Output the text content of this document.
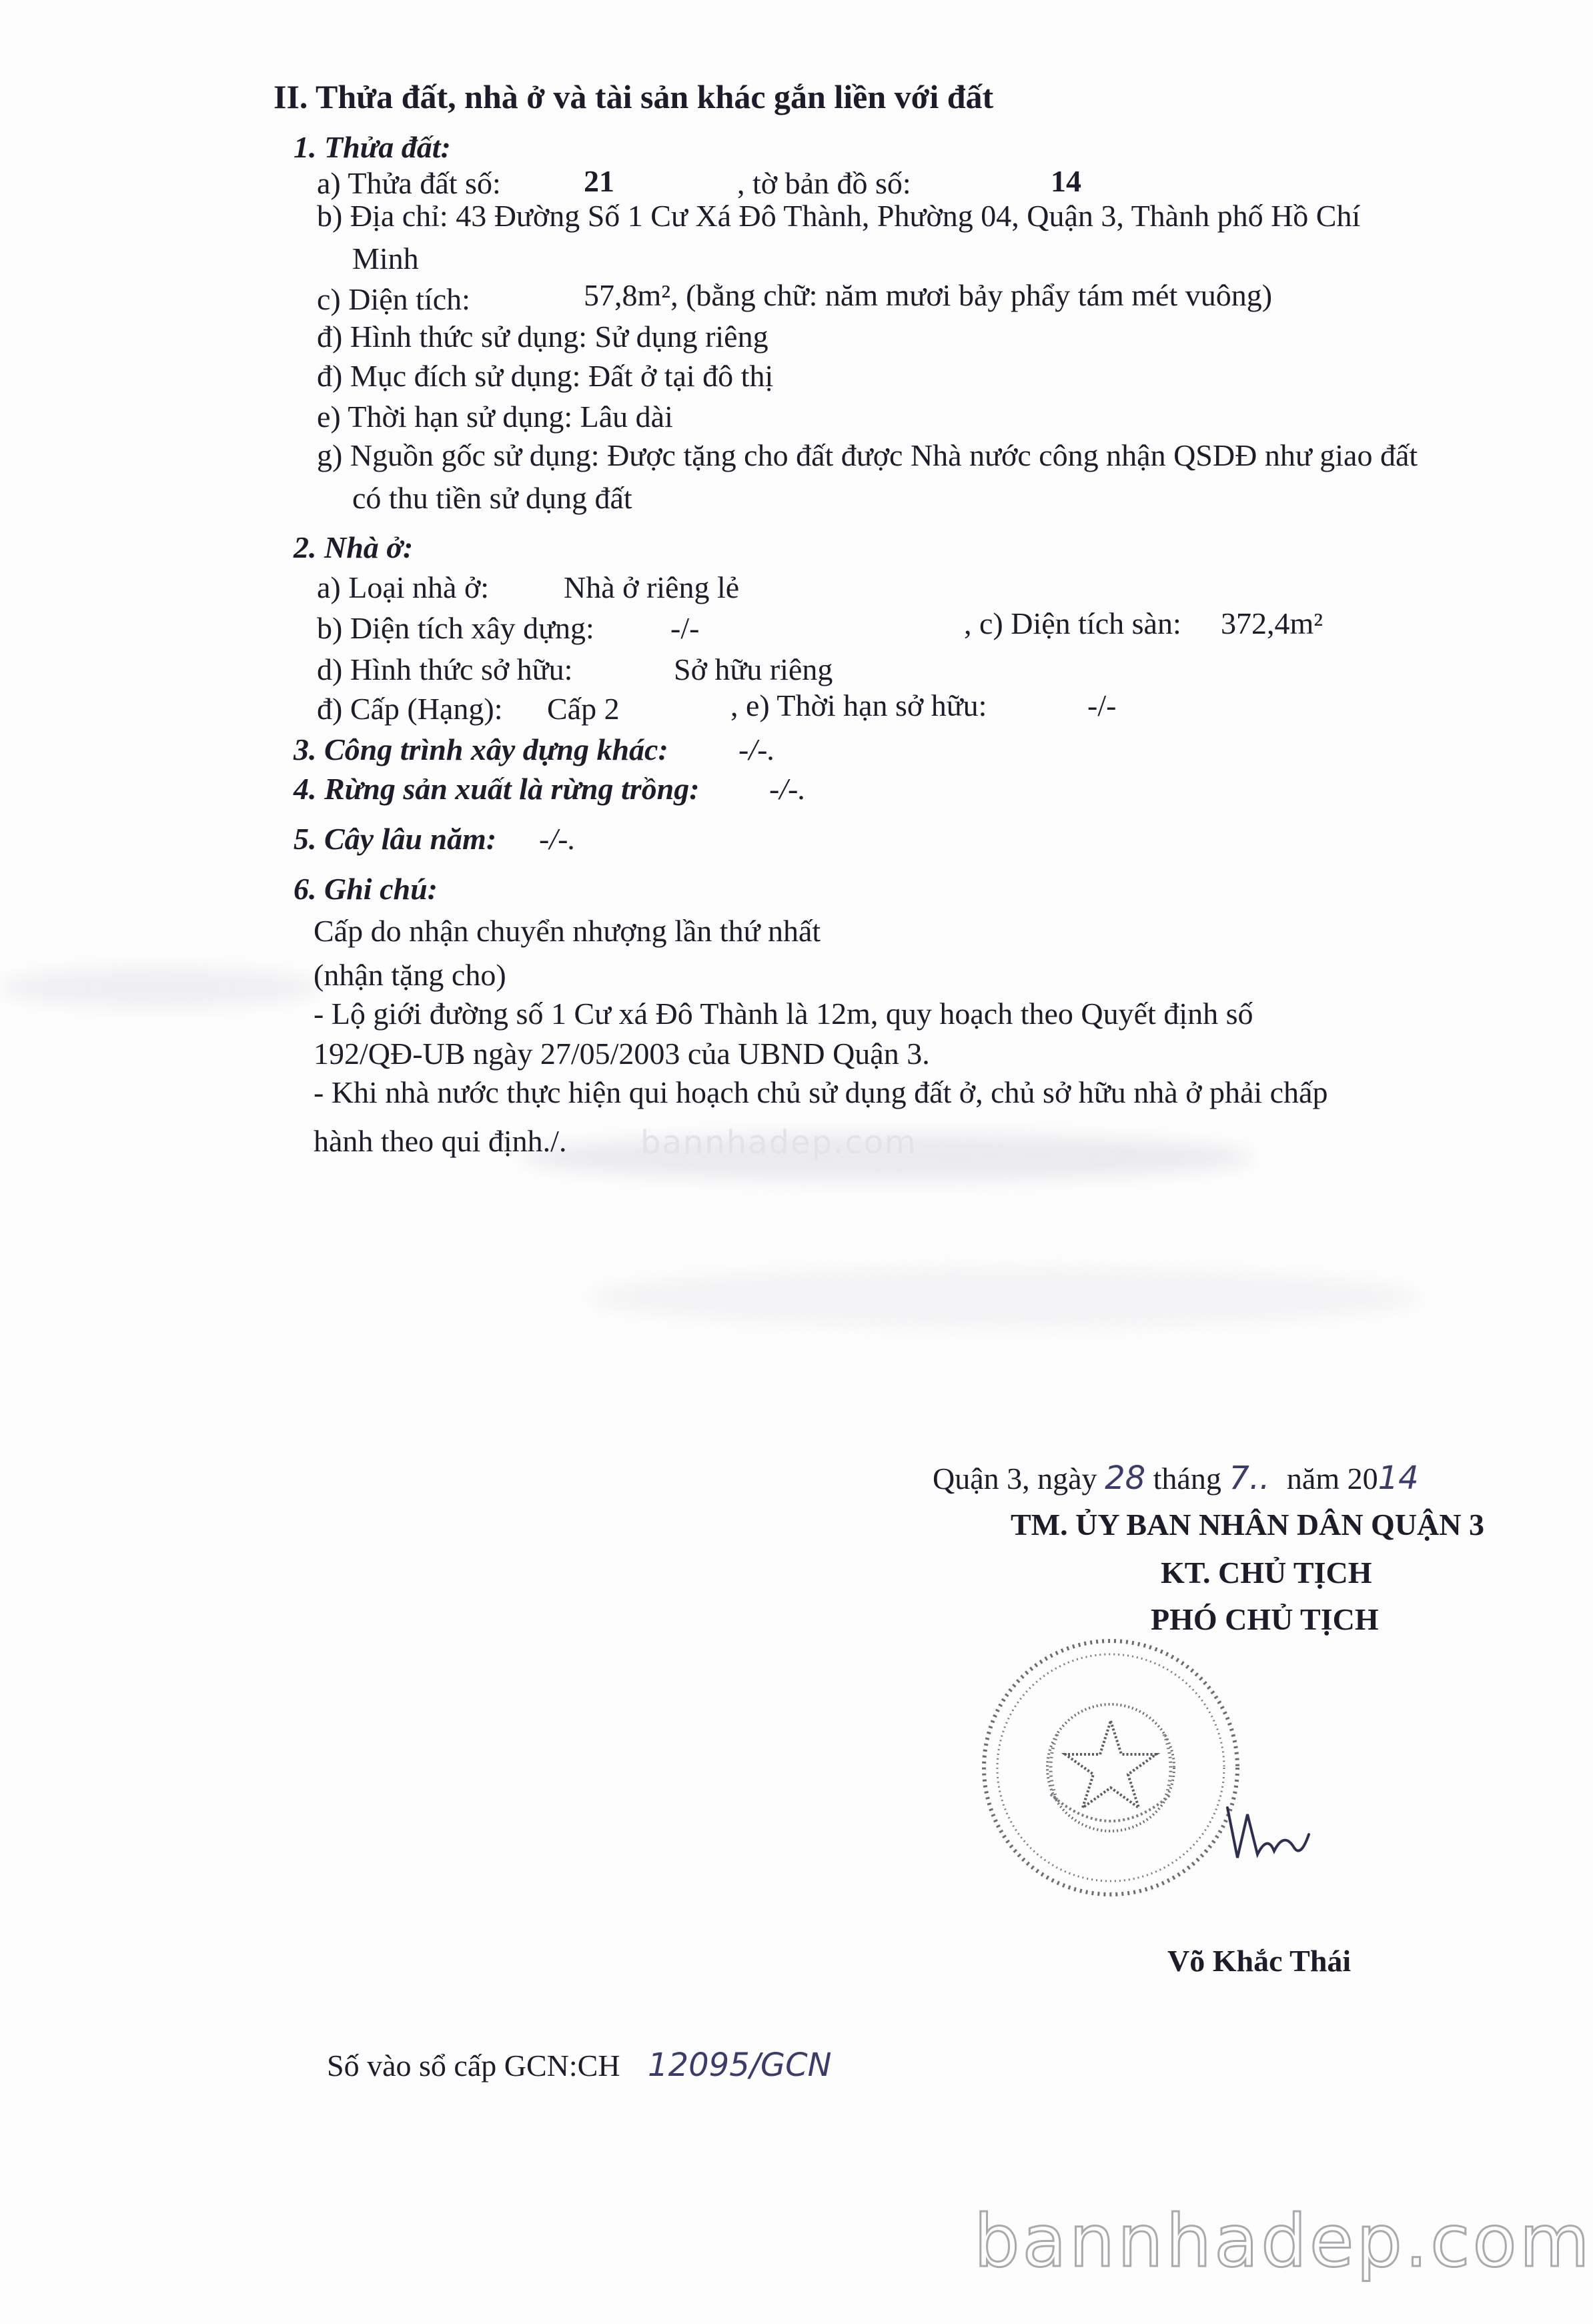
bannhadep.com
II. Thửa đất, nhà ở và tài sản khác gắn liền với đất
1. Thửa đất:
a) Thửa đất số:	21	, tờ bản đồ số:	14
b) Địa chỉ: 43 Đường Số 1 Cư Xá Đô Thành, Phường 04, Quận 3, Thành phố Hồ Chí
Minh
c) Diện tích:	57,8m², (bằng chữ: năm mươi bảy phẩy tám mét vuông)
đ) Hình thức sử dụng: Sử dụng riêng
đ) Mục đích sử dụng: Đất ở tại đô thị
e) Thời hạn sử dụng: Lâu dài
g) Nguồn gốc sử dụng: Được tặng cho đất được Nhà nước công nhận QSDĐ như giao đất
có thu tiền sử dụng đất
2. Nhà ở:
a) Loại nhà ở: Nhà ở riêng lẻ
b) Diện tích xây dựng: -/-	, c) Diện tích sàn: 372,4m²
d) Hình thức sở hữu:	Sở hữu riêng
đ) Cấp (Hạng): Cấp 2	, e) Thời hạn sở hữu:	-/-
3. Công trình xây dựng khác: -/-.
4. Rừng sản xuất là rừng trồng: -/-.
5. Cây lâu năm: -/-.
6. Ghi chú:
Cấp do nhận chuyển nhượng lần thứ nhất
(nhận tặng cho)
- Lộ giới đường số 1 Cư xá Đô Thành là 12m, quy hoạch theo Quyết định số
192/QĐ-UB ngày 27/05/2003 của UBND Quận 3.
- Khi nhà nước thực hiện qui hoạch chủ sử dụng đất ở, chủ sở hữu nhà ở phải chấp
hành theo qui định./.
Quận 3, ngày 28 tháng 7.. năm 2014
TM. ỦY BAN NHÂN DÂN QUẬN 3
KT. CHỦ TỊCH
PHÓ CHỦ TỊCH
Võ Khắc Thái
Số vào sổ cấp GCN:CH 12095/GCN
bannhadep.com
